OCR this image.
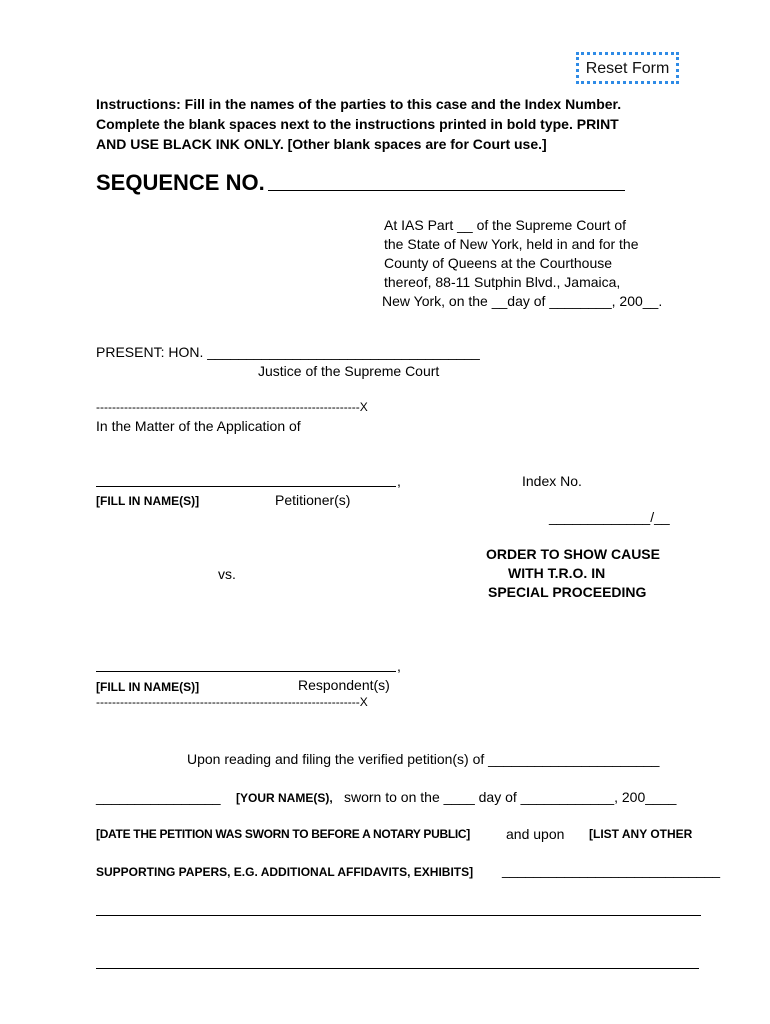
Reset Form
Instructions: Fill in the names of the parties to this case and the Index Number.
Complete the blank spaces next to the instructions printed in bold type. PRINT
AND USE BLACK INK ONLY. [Other blank spaces are for Court use.]
SEQUENCE NO.
At IAS Part __ of the Supreme Court of
the State of New York, held in and for the
County of Queens at the Courthouse
thereof, 88-11 Sutphin Blvd., Jamaica,
New York, on the __day of ________, 200__.
PRESENT: HON. ___________________________________
Justice of the Supreme Court
------------------------------------------------------------------X
In the Matter of the Application of
,
[FILL IN NAME(S)]	Petitioner(s)
Index No.
_____________/__
ORDER TO SHOW CAUSE
WITH T.R.O. IN
SPECIAL PROCEEDING
vs.
,
[FILL IN NAME(S)]	Respondent(s)
------------------------------------------------------------------X
Upon reading and filing the verified petition(s) of ______________________
________________ [YOUR NAME(S), sworn to on the ____ day of ____________, 200____
[DATE THE PETITION WAS SWORN TO BEFORE A NOTARY PUBLIC]	and upon [LIST ANY OTHER
SUPPORTING PAPERS, E.G. ADDITIONAL AFFIDAVITS, EXHIBITS] ____________________________
